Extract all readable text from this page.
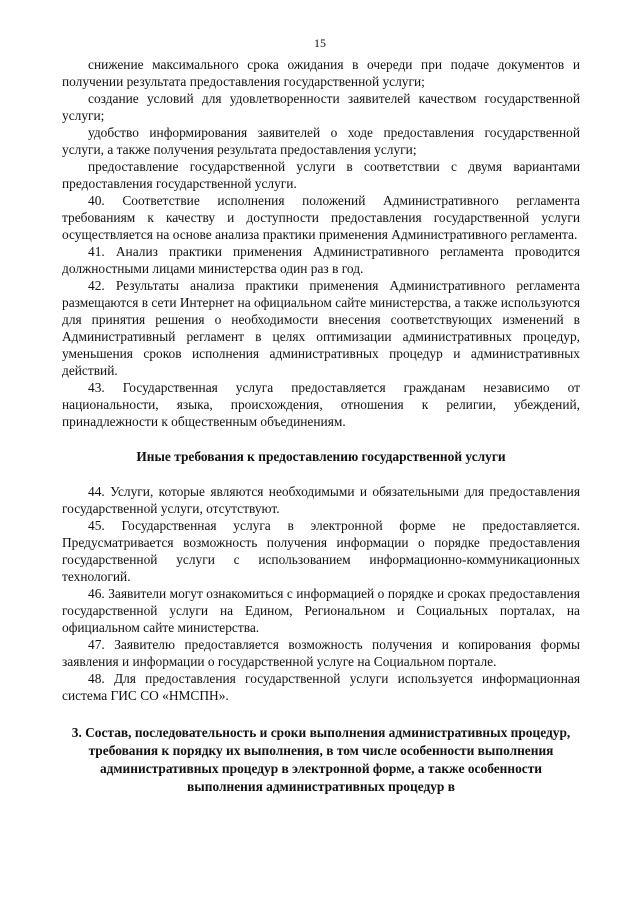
15

снижение максимального срока ожидания в очереди при подаче документов и получении результата предоставления государственной услуги;

создание условий для удовлетворенности заявителей качеством государственной услуги;

удобство информирования заявителей о ходе предоставления государственной услуги, а также получения результата предоставления услуги;

предоставление государственной услуги в соответствии с двумя вариантами предоставления государственной услуги.

40. Соответствие исполнения положений Административного регламента требованиям к качеству и доступности предоставления государственной услуги осуществляется на основе анализа практики применения Административного регламента.

41. Анализ практики применения Административного регламента проводится должностными лицами министерства один раз в год.

42. Результаты анализа практики применения Административного регламента размещаются в сети Интернет на официальном сайте министерства, а также используются для принятия решения о необходимости внесения соответствующих изменений в Административный регламент в целях оптимизации административных процедур, уменьшения сроков исполнения административных процедур и административных действий.

43. Государственная услуга предоставляется гражданам независимо от национальности, языка, происхождения, отношения к религии, убеждений, принадлежности к общественным объединениям.

Иные требования к предоставлению государственной услуги

44. Услуги, которые являются необходимыми и обязательными для предоставления государственной услуги, отсутствуют.

45. Государственная услуга в электронной форме не предоставляется. Предусматривается возможность получения информации о порядке предоставления государственной услуги с использованием информационно-коммуникационных технологий.

46. Заявители могут ознакомиться с информацией о порядке и сроках предоставления государственной услуги на Едином, Региональном и Социальных порталах, на официальном сайте министерства.

47. Заявителю предоставляется возможность получения и копирования формы заявления и информации о государственной услуге на Социальном портале.

48. Для предоставления государственной услуги используется информационная система ГИС СО «НМСПН».

3. Состав, последовательность и сроки выполнения административных процедур, требования к порядку их выполнения, в том числе особенности выполнения административных процедур в электронной форме, а также особенности выполнения административных процедур в
